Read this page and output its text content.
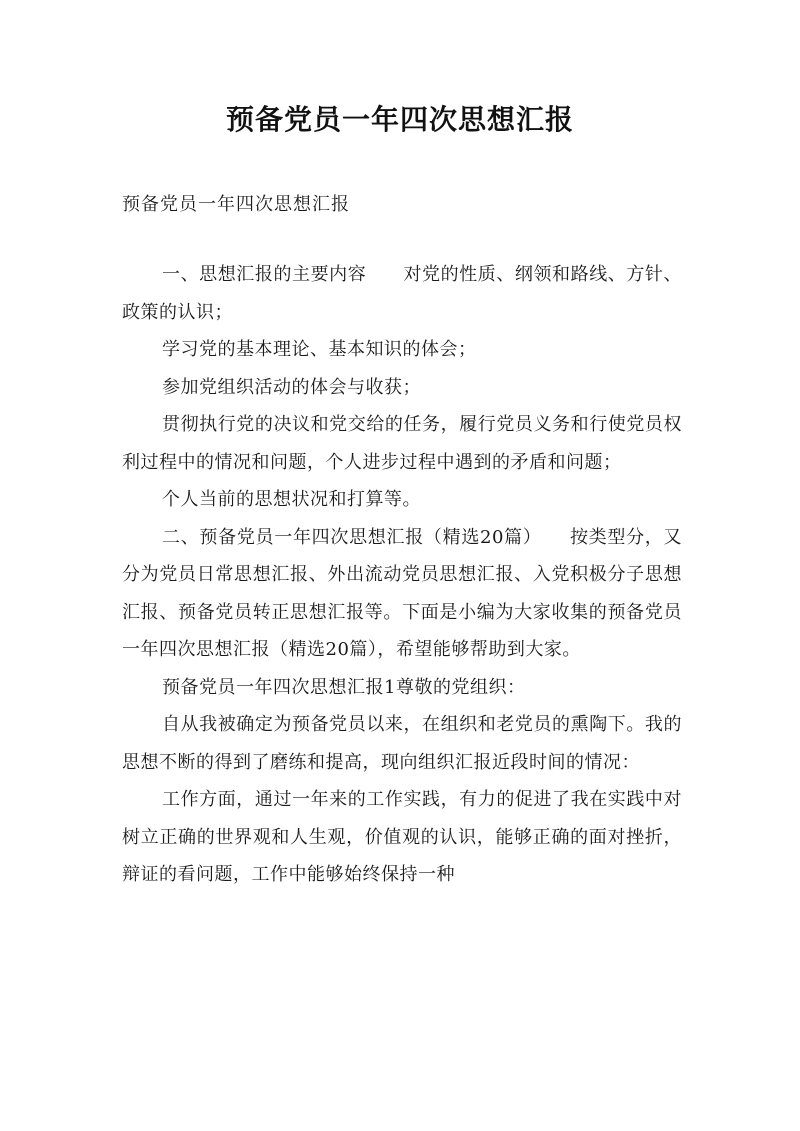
预备党员一年四次思想汇报
预备党员一年四次思想汇报

一、思想汇报的主要内容　　对党的性质、纲领和路线、方针、政策的认识；

学习党的基本理论、基本知识的体会；

参加党组织活动的体会与收获；

贯彻执行党的决议和党交给的任务，履行党员义务和行使党员权利过程中的情况和问题，个人进步过程中遇到的矛盾和问题；

个人当前的思想状况和打算等。

二、预备党员一年四次思想汇报（精选20篇）　　按类型分，又分为党员日常思想汇报、外出流动党员思想汇报、入党积极分子思想汇报、预备党员转正思想汇报等。下面是小编为大家收集的预备党员一年四次思想汇报（精选20篇），希望能够帮助到大家。

预备党员一年四次思想汇报1尊敬的党组织：

自从我被确定为预备党员以来，在组织和老党员的熏陶下。我的思想不断的得到了磨练和提高，现向组织汇报近段时间的情况：

工作方面，通过一年来的工作实践，有力的促进了我在实践中对树立正确的世界观和人生观，价值观的认识，能够正确的面对挫折，辩证的看问题，工作中能够始终保持一种
